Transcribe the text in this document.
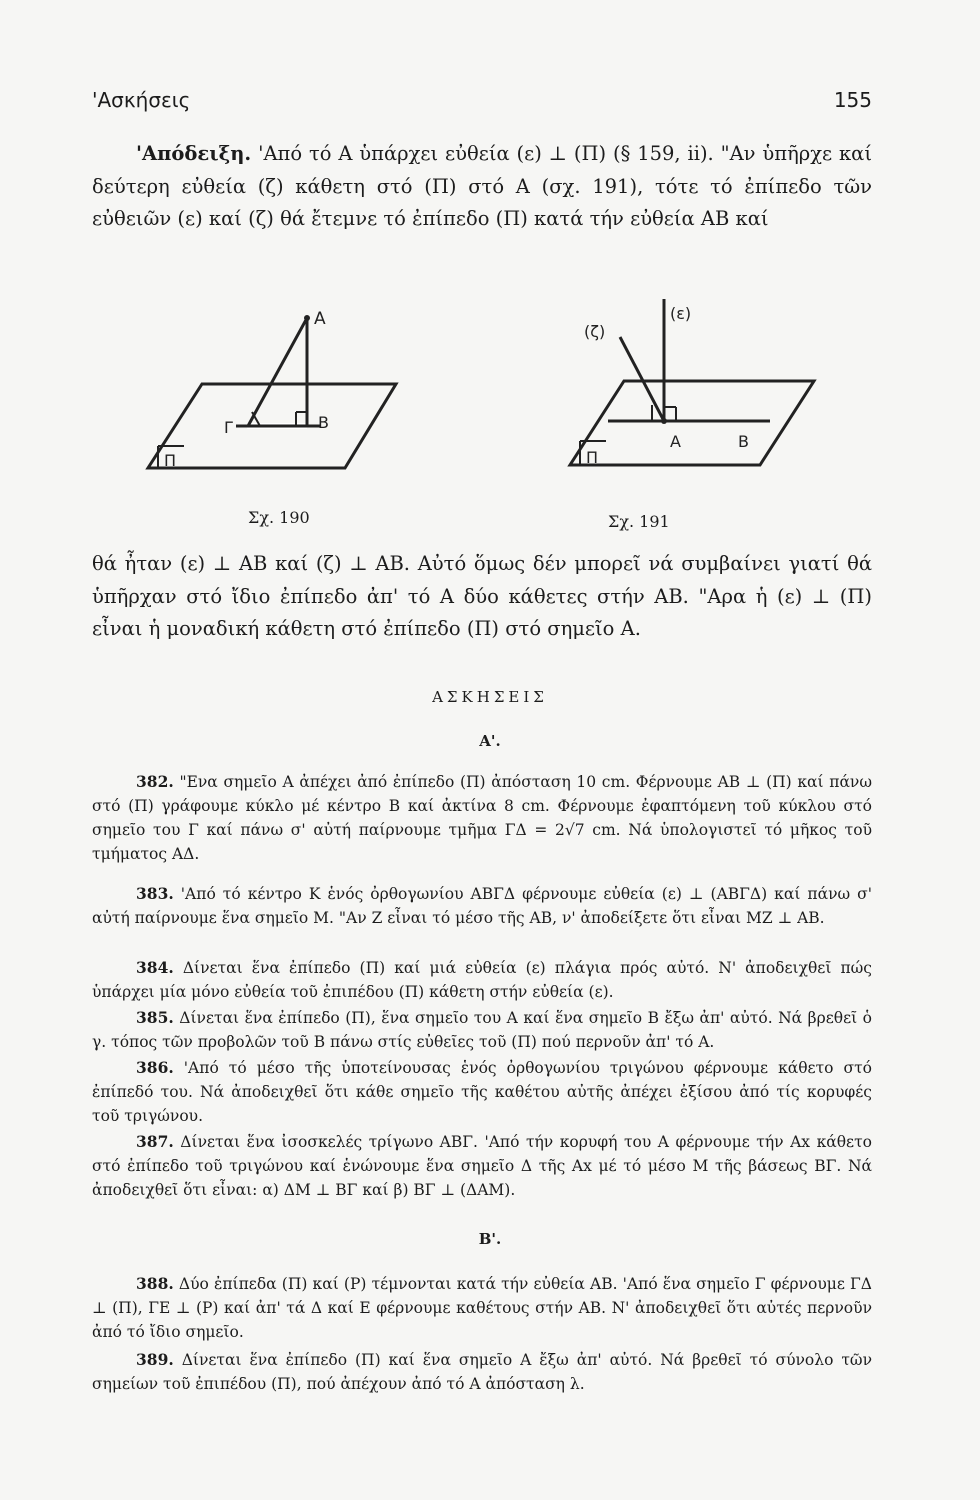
'Ασκήσεις	155
'Απόδειξη. 'Από τό Α ὑπάρχει εὐθεία (ε) ⊥ (Π) (§ 159, ii). "Αν ὑπῆρχε καί δεύτερη εὐθεία (ζ) κάθετη στό (Π) στό Α (σχ. 191), τότε τό ἐπίπεδο τῶν εὐθειῶν (ε) καί (ζ) θά ἔτεμνε τό ἐπίπεδο (Π) κατά τήν εὐθεία ΑΒ καί
A
Γ	B
Π
Σχ. 190
(ζ)
(ε)
A	B
Π
Σχ. 191
θά ἦταν (ε) ⊥ ΑΒ καί (ζ) ⊥ ΑΒ. Αὐτό ὅμως δέν μπορεῖ νά συμβαίνει γιατί θά ὑπῆρχαν στό ἴδιο ἐπίπεδο ἀπ' τό Α δύο κάθετες στήν ΑΒ. "Αρα ἡ (ε) ⊥ (Π) εἶναι ἡ μοναδική κάθετη στό ἐπίπεδο (Π) στό σημεῖο Α.
ΑΣΚΗΣΕΙΣ
Α'.
382. "Ενα σημεῖο Α ἀπέχει ἀπό ἐπίπεδο (Π) ἀπόσταση 10 cm. Φέρνουμε ΑΒ ⊥ (Π) καί πάνω στό (Π) γράφουμε κύκλο μέ κέντρο Β καί ἀκτίνα 8 cm. Φέρνουμε ἐφαπτόμενη τοῦ κύκλου στό σημεῖο του Γ καί πάνω σ' αὐτή παίρνουμε τμῆμα ΓΔ = 2√7 cm. Νά ὑπολογιστεῖ τό μῆκος τοῦ τμήματος ΑΔ.
383. 'Από τό κέντρο Κ ἑνός ὀρθογωνίου ΑΒΓΔ φέρνουμε εὐθεία (ε) ⊥ (ΑΒΓΔ) καί πάνω σ' αὐτή παίρνουμε ἕνα σημεῖο Μ. "Αν Ζ εἶναι τό μέσο τῆς ΑΒ, ν' ἀποδείξετε ὅτι εἶναι ΜΖ ⊥ ΑΒ.
384. Δίνεται ἕνα ἐπίπεδο (Π) καί μιά εὐθεία (ε) πλάγια πρός αὐτό. Ν' ἀποδειχθεῖ πώς ὑπάρχει μία μόνο εὐθεία τοῦ ἐπιπέδου (Π) κάθετη στήν εὐθεία (ε).
385. Δίνεται ἕνα ἐπίπεδο (Π), ἕνα σημεῖο του Α καί ἕνα σημεῖο Β ἔξω ἀπ' αὐτό. Νά βρεθεῖ ὁ γ. τόπος τῶν προβολῶν τοῦ Β πάνω στίς εὐθεῖες τοῦ (Π) πού περνοῦν ἀπ' τό Α.
386. 'Από τό μέσο τῆς ὑποτείνουσας ἑνός ὀρθογωνίου τριγώνου φέρνουμε κάθετο στό ἐπίπεδό του. Νά ἀποδειχθεῖ ὅτι κάθε σημεῖο τῆς καθέτου αὐτῆς ἀπέχει ἐξίσου ἀπό τίς κορυφές τοῦ τριγώνου.
387. Δίνεται ἕνα ἰσοσκελές τρίγωνο ΑΒΓ. 'Από τήν κορυφή του Α φέρνουμε τήν Αx κάθετο στό ἐπίπεδο τοῦ τριγώνου καί ἑνώνουμε ἕνα σημεῖο Δ τῆς Αx μέ τό μέσο Μ τῆς βάσεως ΒΓ. Νά ἀποδειχθεῖ ὅτι εἶναι: α) ΔΜ ⊥ ΒΓ καί β) ΒΓ ⊥ (ΔΑΜ).
Β'.
388. Δύο ἐπίπεδα (Π) καί (Ρ) τέμνονται κατά τήν εὐθεία ΑΒ. 'Από ἕνα σημεῖο Γ φέρνουμε ΓΔ ⊥ (Π), ΓΕ ⊥ (Ρ) καί ἀπ' τά Δ καί Ε φέρνουμε καθέτους στήν ΑΒ. Ν' ἀποδειχθεῖ ὅτι αὐτές περνοῦν ἀπό τό ἴδιο σημεῖο.
389. Δίνεται ἕνα ἐπίπεδο (Π) καί ἕνα σημεῖο Α ἔξω ἀπ' αὐτό. Νά βρεθεῖ τό σύνολο τῶν σημείων τοῦ ἐπιπέδου (Π), πού ἀπέχουν ἀπό τό Α ἀπόσταση λ.
